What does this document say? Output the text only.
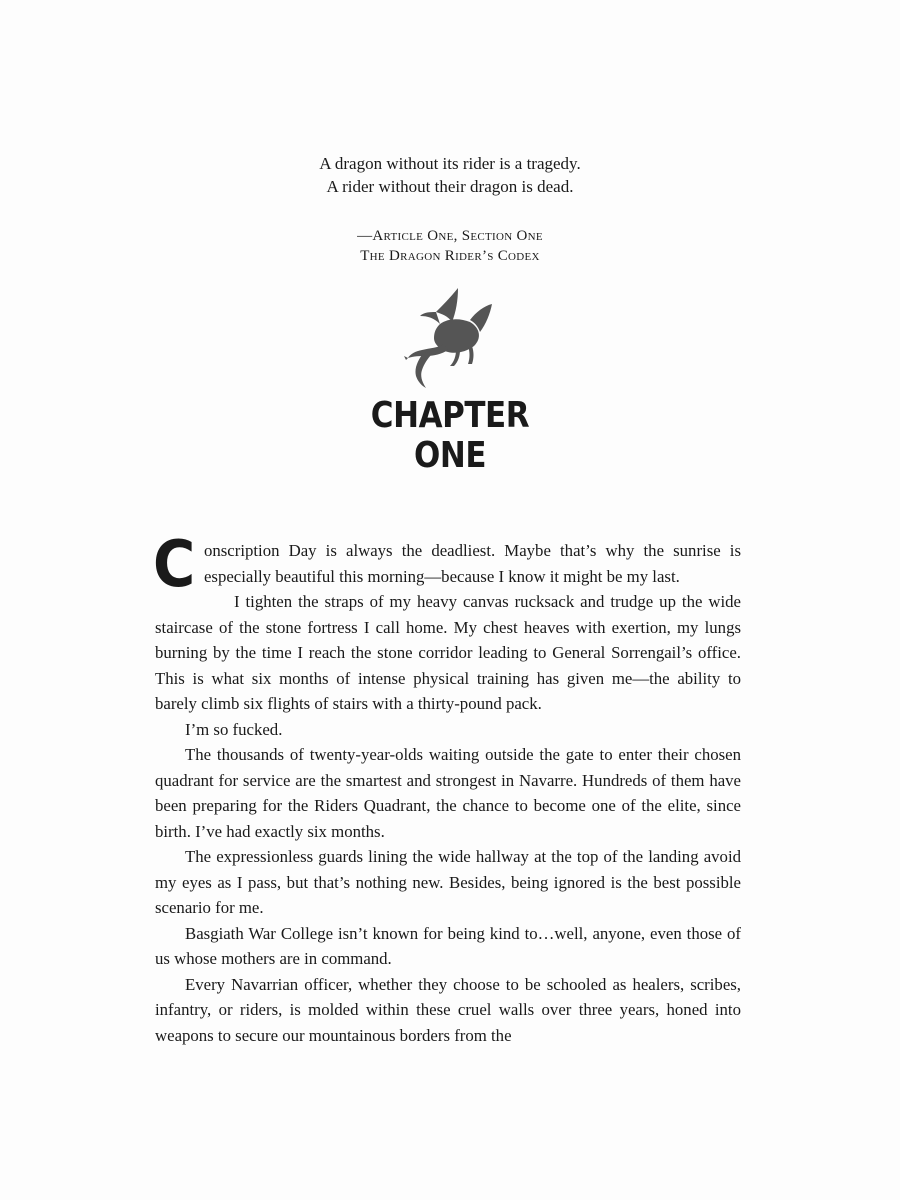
A dragon without its rider is a tragedy.
A rider without their dragon is dead.
—Article One, Section One
The Dragon Rider’s Codex
CHAPTER
ONE

Conscription Day is always the deadliest. Maybe that’s why the sunrise is especially beautiful this morning—because I know it might be my last.

I tighten the straps of my heavy canvas rucksack and trudge up the wide staircase of the stone fortress I call home. My chest heaves with exertion, my lungs burning by the time I reach the stone corridor leading to General Sorrengail’s office. This is what six months of intense physical training has given me—the ability to barely climb six flights of stairs with a thirty-pound pack.

I’m so fucked.

The thousands of twenty-year-olds waiting outside the gate to enter their chosen quadrant for service are the smartest and strongest in Navarre. Hundreds of them have been preparing for the Riders Quadrant, the chance to become one of the elite, since birth. I’ve had exactly six months.

The expressionless guards lining the wide hallway at the top of the landing avoid my eyes as I pass, but that’s nothing new. Besides, being ignored is the best possible scenario for me.

Basgiath War College isn’t known for being kind to…well, anyone, even those of us whose mothers are in command.

Every Navarrian officer, whether they choose to be schooled as healers, scribes, infantry, or riders, is molded within these cruel walls over three years, honed into weapons to secure our mountainous borders from the
